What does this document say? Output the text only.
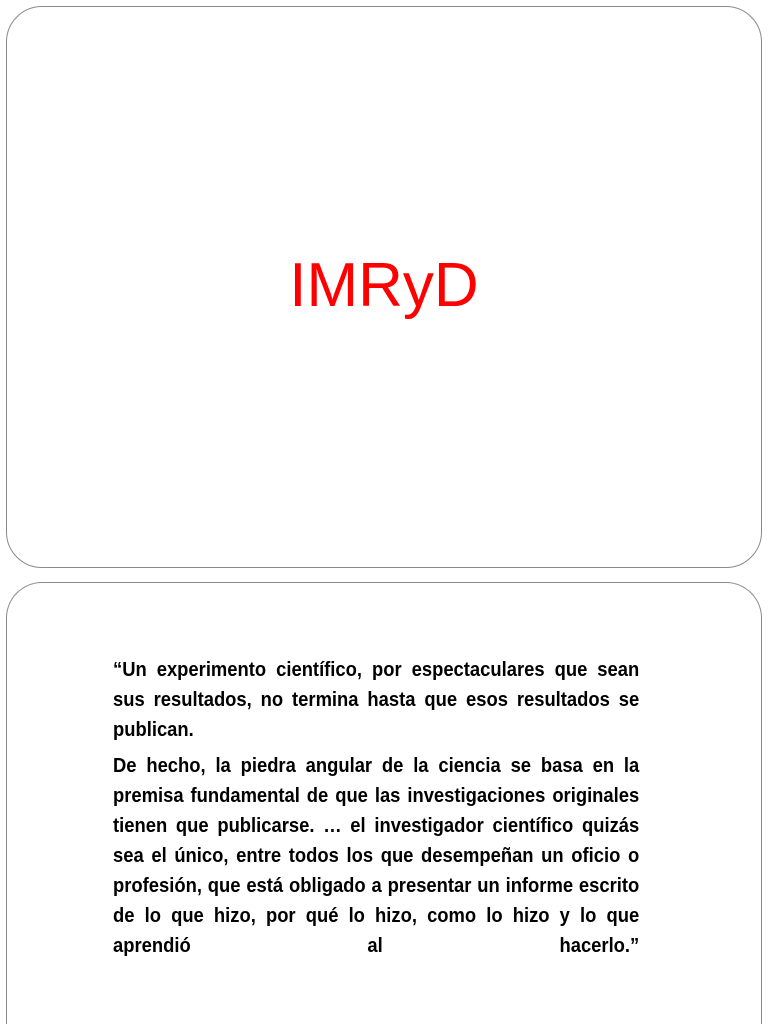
IMRyD

“Un experimento científico, por espectaculares que sean sus resultados, no termina hasta que esos resultados se publican.

De hecho, la piedra angular de la ciencia se basa en la premisa fundamental de que las investigaciones originales tienen que publicarse. … el investigador científico quizás sea el único, entre todos los que desempeñan un oficio o profesión, que está obligado a presentar un informe escrito de lo que hizo, por qué lo hizo, como lo hizo y lo que aprendió al hacerlo.”
